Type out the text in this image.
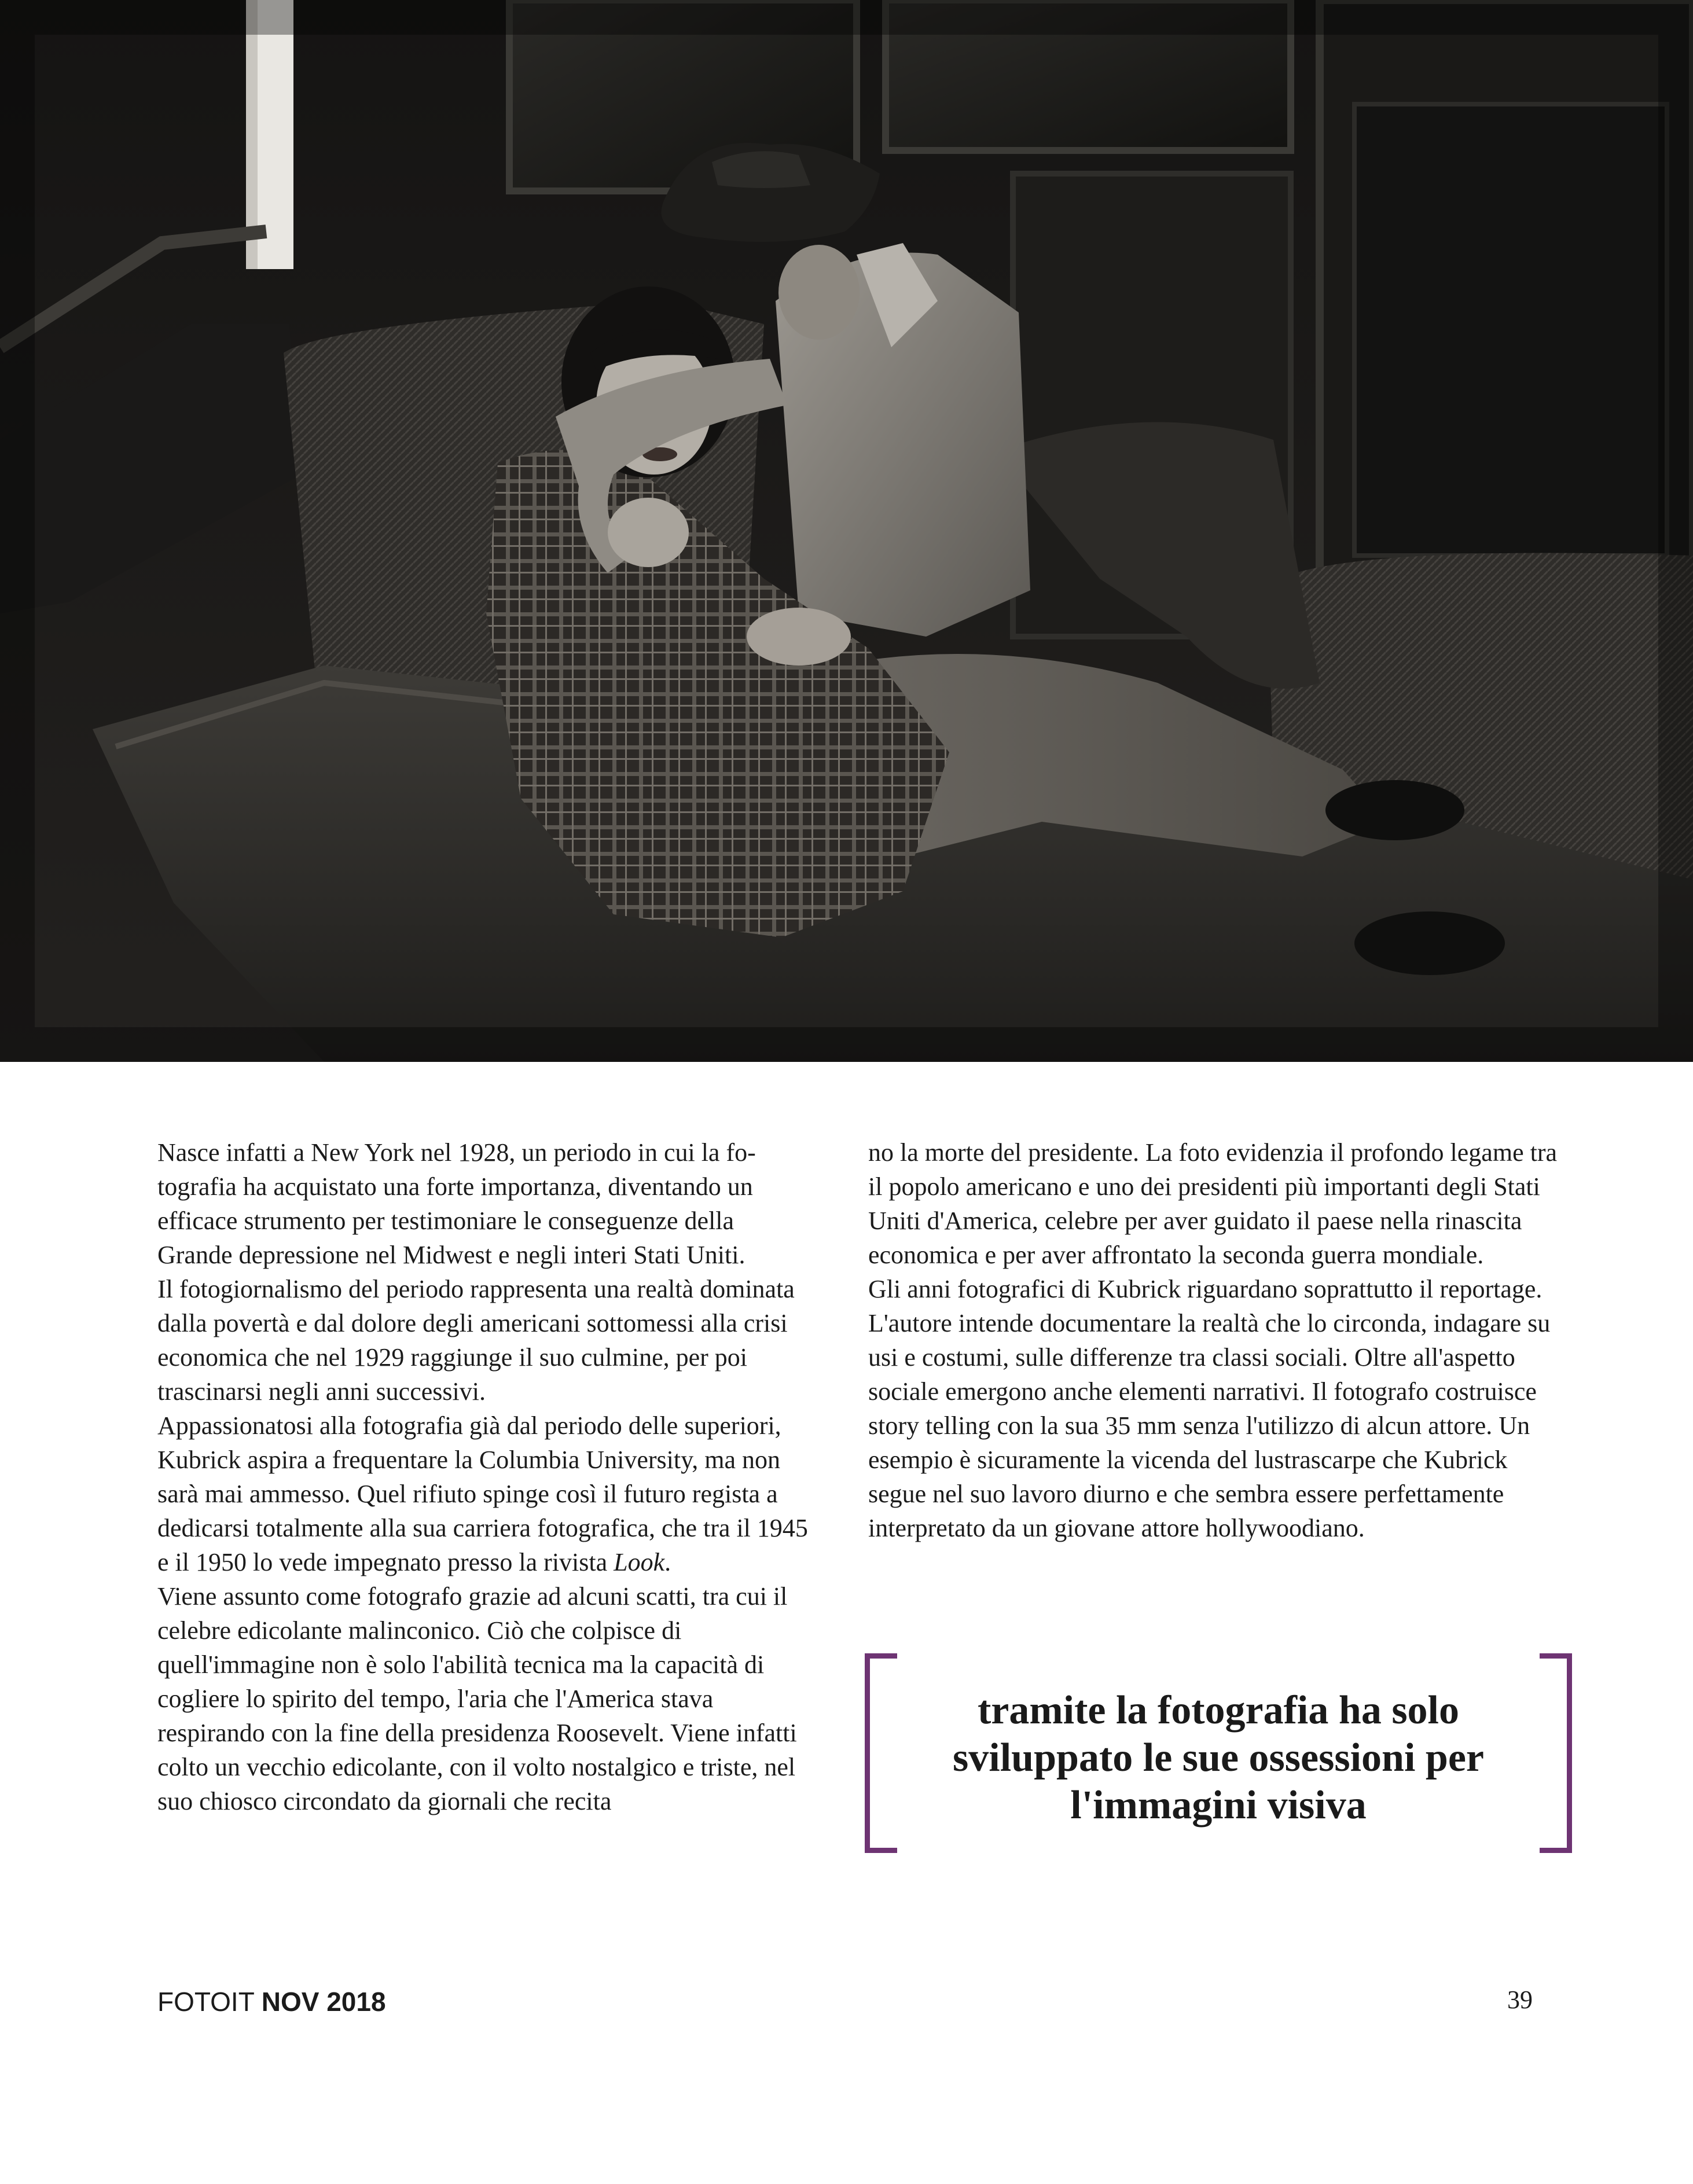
Nasce infatti a New York nel 1928, un periodo in cui la fotografia ha acquistato una forte importanza, diventando un efficace strumento per testimoniare le conseguenze della Grande depressione nel Midwest e negli interi Stati Uniti.

Il fotogiornalismo del periodo rappresenta una realtà dominata dalla povertà e dal dolore degli americani sottomessi alla crisi economica che nel 1929 raggiunge il suo culmine, per poi trascinarsi negli anni successivi.

Appassionatosi alla fotografia già dal periodo delle superiori, Kubrick aspira a frequentare la Columbia University, ma non sarà mai ammesso. Quel rifiuto spinge così il futuro regista a dedicarsi totalmente alla sua carriera fotografica, che tra il 1945 e il 1950 lo vede impegnato presso la rivista Look.

Viene assunto come fotografo grazie ad alcuni scatti, tra cui il celebre edicolante malinconico. Ciò che colpisce di quell'immagine non è solo l'abilità tecnica ma la capacità di cogliere lo spirito del tempo, l'aria che l'America stava respirando con la fine della presidenza Roosevelt. Viene infatti colto un vecchio edicolante, con il volto nostalgico e triste, nel suo chiosco circondato da giornali che recita

no la morte del presidente. La foto evidenzia il profondo legame tra il popolo americano e uno dei presidenti più importanti degli Stati Uniti d'America, celebre per aver guidato il paese nella rinascita economica e per aver affrontato la seconda guerra mondiale.

Gli anni fotografici di Kubrick riguardano soprattutto il reportage. L'autore intende documentare la realtà che lo circonda, indagare su usi e costumi, sulle differenze tra classi sociali. Oltre all'aspetto sociale emergono anche elementi narrativi. Il fotografo costruisce story telling con la sua 35 mm senza l'utilizzo di alcun attore. Un esempio è sicuramente la vicenda del lustrascarpe che Kubrick segue nel suo lavoro diurno e che sembra essere perfettamente interpretato da un giovane attore hollywoodiano.

tramite la fotografia ha solo sviluppato le sue ossessioni per l'immagini visiva
FOTOIT NOV 2018	39
